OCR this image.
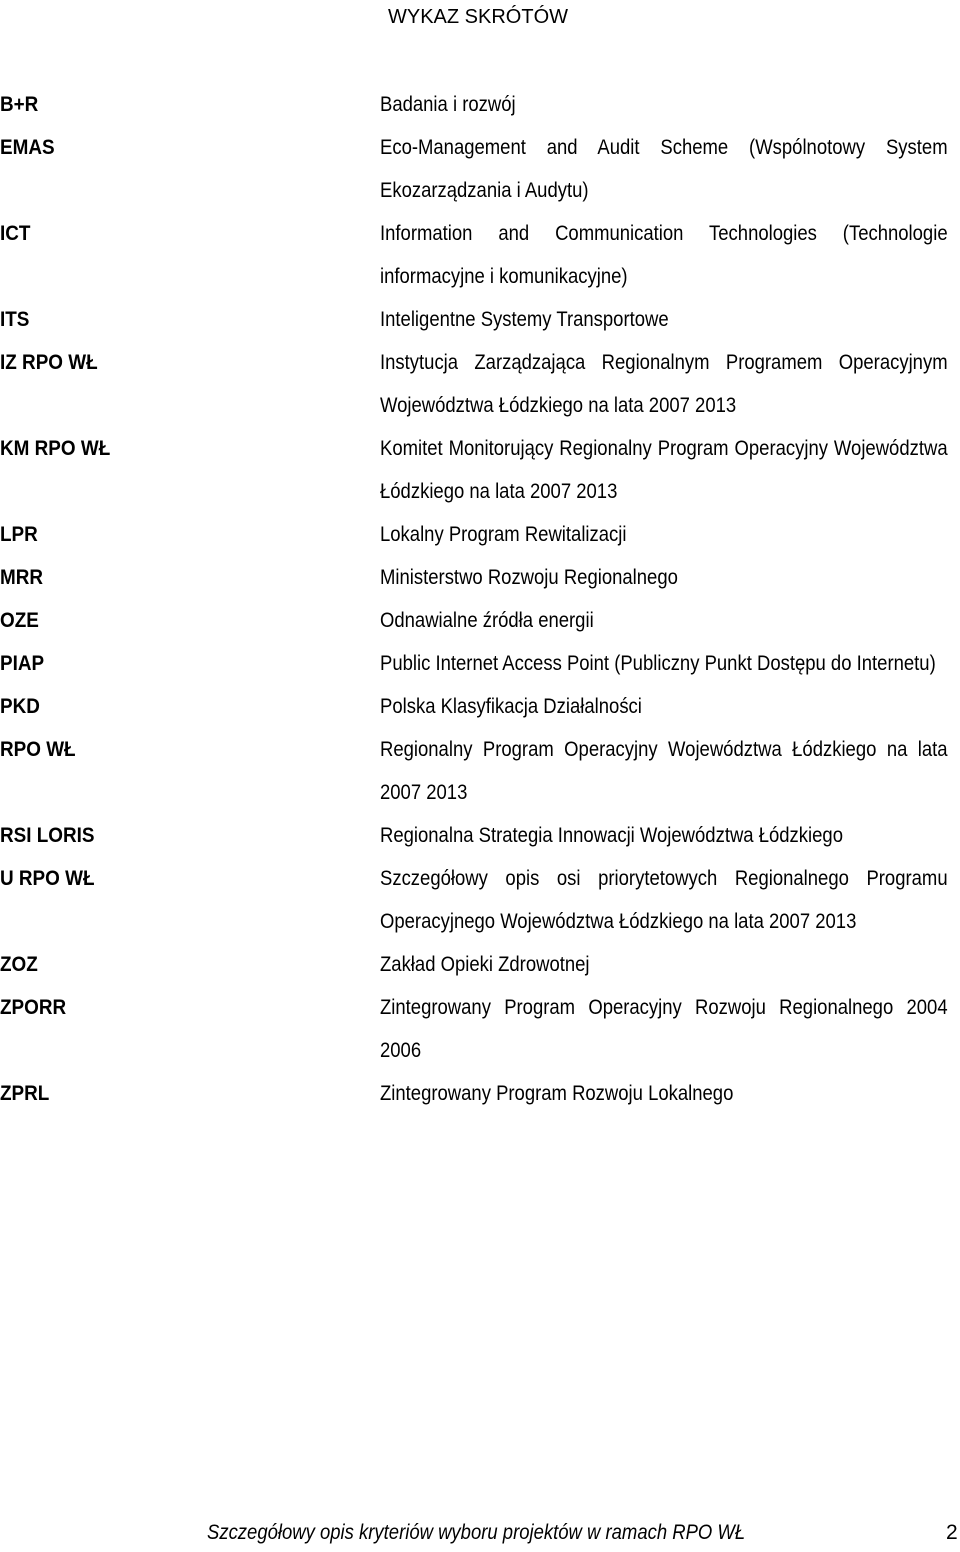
WYKAZ SKRÓTÓW
B+R	Badania i rozwój
EMAS	Eco-Management and Audit Scheme (Wspólnotowy System Ekozarządzania i Audytu)
ICT	Information and Communication Technologies (Technologie informacyjne i komunikacyjne)
ITS	Inteligentne Systemy Transportowe
IZ RPO WŁ	Instytucja Zarządzająca Regionalnym Programem Operacyjnym Województwa Łódzkiego na lata 2007 2013
KM RPO WŁ	Komitet Monitorujący Regionalny Program Operacyjny Województwa Łódzkiego na lata 2007 2013
LPR	Lokalny Program Rewitalizacji
MRR	Ministerstwo Rozwoju Regionalnego
OZE	Odnawialne źródła energii
PIAP	Public Internet Access Point (Publiczny Punkt Dostępu do Internetu)
PKD	Polska Klasyfikacja Działalności
RPO WŁ	Regionalny Program Operacyjny Województwa Łódzkiego na lata 2007 2013
RSI LORIS	Regionalna Strategia Innowacji Województwa Łódzkiego
U RPO WŁ	Szczegółowy opis osi priorytetowych Regionalnego Programu Operacyjnego Województwa Łódzkiego na lata 2007 2013
ZOZ	Zakład Opieki Zdrowotnej
ZPORR	Zintegrowany Program Operacyjny Rozwoju Regionalnego 2004 2006
ZPRL	Zintegrowany Program Rozwoju Lokalnego
Szczegółowy opis kryteriów wyboru projektów w ramach RPO WŁ	2
